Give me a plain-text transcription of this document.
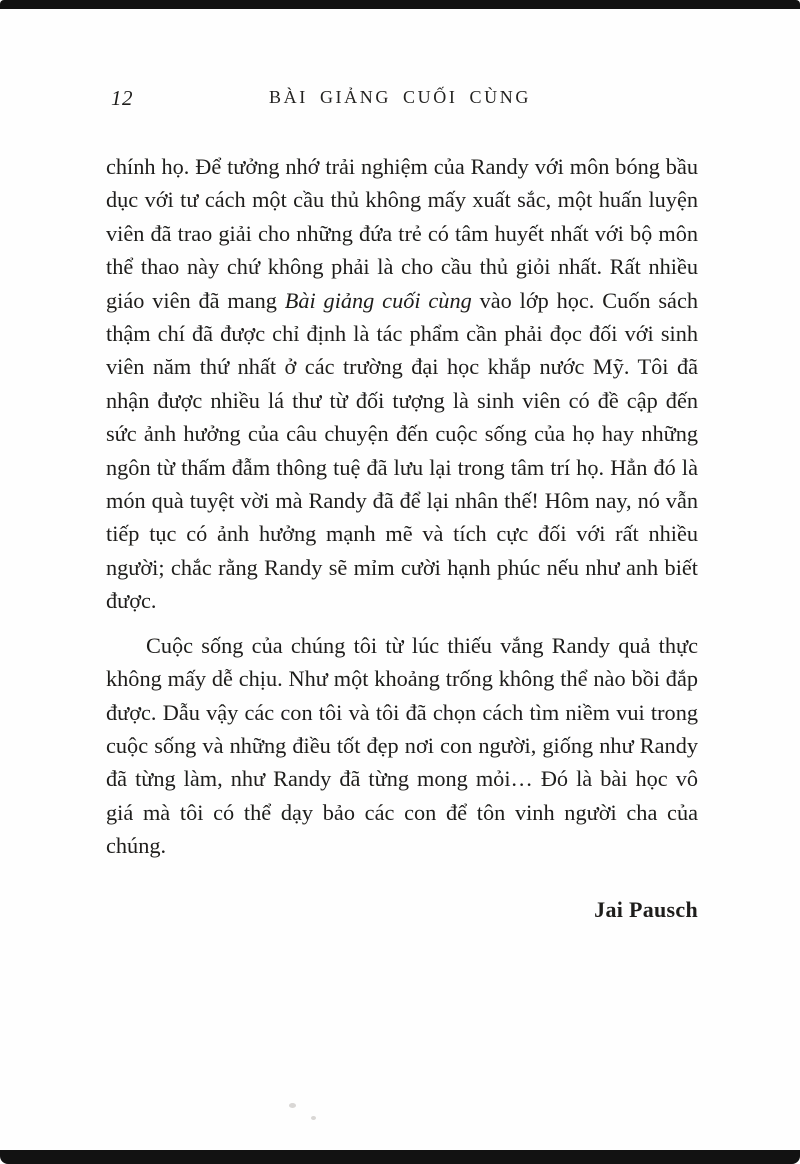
12	BÀI GIẢNG CUỐI CÙNG

chính họ. Để tưởng nhớ trải nghiệm của Randy với môn bóng bầu dục với tư cách một cầu thủ không mấy xuất sắc, một huấn luyện viên đã trao giải cho những đứa trẻ có tâm huyết nhất với bộ môn thể thao này chứ không phải là cho cầu thủ giỏi nhất. Rất nhiều giáo viên đã mang Bài giảng cuối cùng vào lớp học. Cuốn sách thậm chí đã được chỉ định là tác phẩm cần phải đọc đối với sinh viên năm thứ nhất ở các trường đại học khắp nước Mỹ. Tôi đã nhận được nhiều lá thư từ đối tượng là sinh viên có đề cập đến sức ảnh hưởng của câu chuyện đến cuộc sống của họ hay những ngôn từ thấm đẫm thông tuệ đã lưu lại trong tâm trí họ. Hẳn đó là món quà tuyệt vời mà Randy đã để lại nhân thế! Hôm nay, nó vẫn tiếp tục có ảnh hưởng mạnh mẽ và tích cực đối với rất nhiều người; chắc rằng Randy sẽ mỉm cười hạnh phúc nếu như anh biết được.

Cuộc sống của chúng tôi từ lúc thiếu vắng Randy quả thực không mấy dễ chịu. Như một khoảng trống không thể nào bồi đắp được. Dẫu vậy các con tôi và tôi đã chọn cách tìm niềm vui trong cuộc sống và những điều tốt đẹp nơi con người, giống như Randy đã từng làm, như Randy đã từng mong mỏi… Đó là bài học vô giá mà tôi có thể dạy bảo các con để tôn vinh người cha của chúng.

Jai Pausch
